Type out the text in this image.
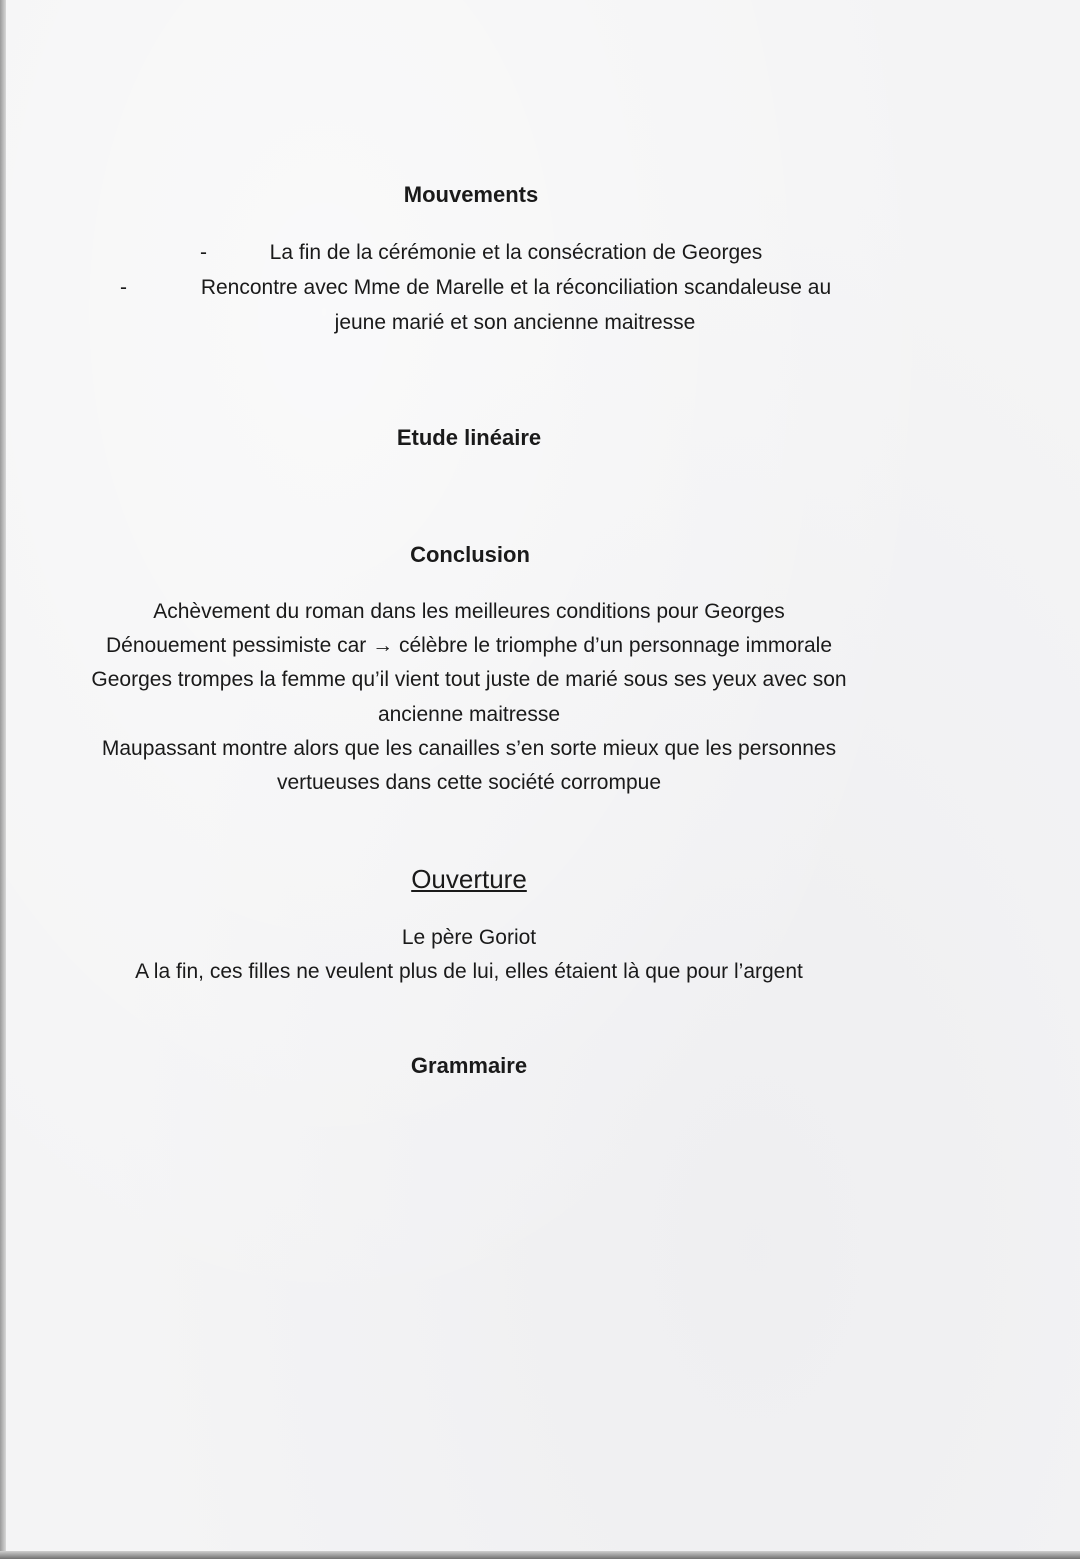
Mouvements
-	La fin de la cérémonie et la consécration de Georges
-	Rencontre avec Mme de Marelle et la réconciliation scandaleuse au
jeune marié et son ancienne maitresse
Etude linéaire
Conclusion
Achèvement du roman dans les meilleures conditions pour Georges
Dénouement pessimiste car → célèbre le triomphe d’un personnage immorale
Georges trompes la femme qu’il vient tout juste de marié sous ses yeux avec son
ancienne maitresse
Maupassant montre alors que les canailles s’en sorte mieux que les personnes
vertueuses dans cette société corrompue
Ouverture
Le père Goriot
A la fin, ces filles ne veulent plus de lui, elles étaient là que pour l’argent
Grammaire
